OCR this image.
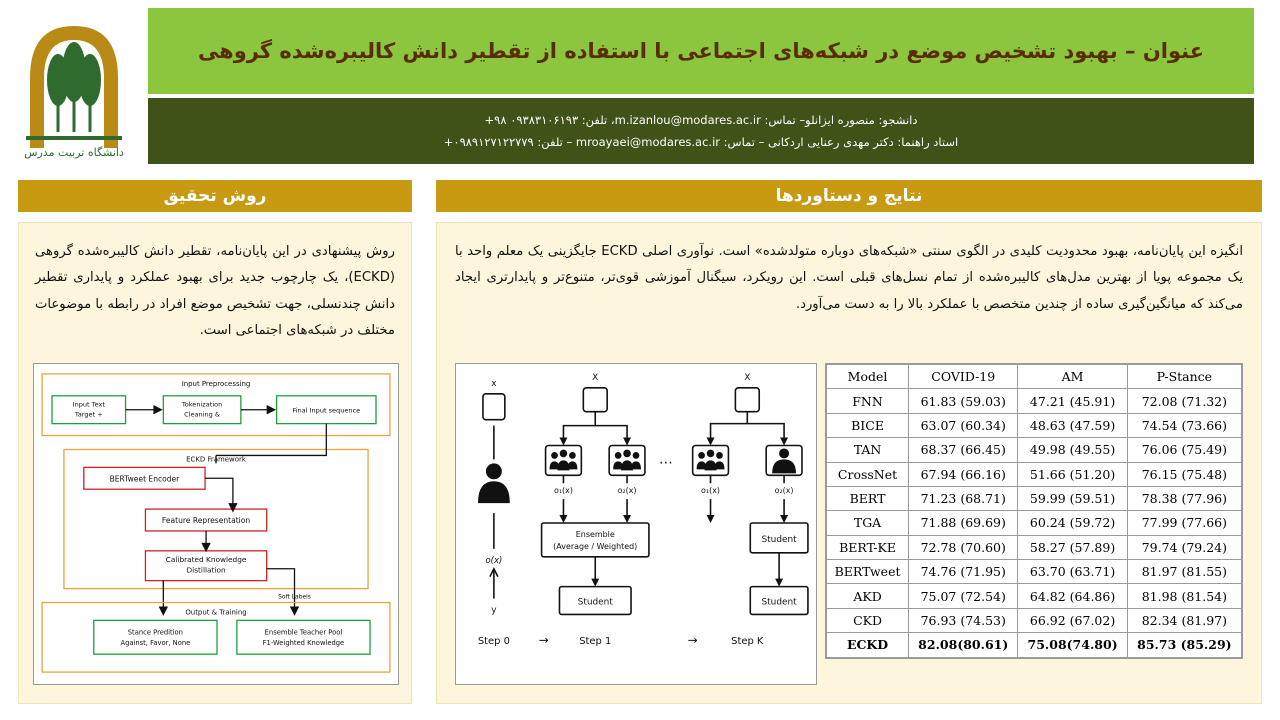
عنوان – بهبود تشخیص موضع در شبکه‌های اجتماعی با استفاده از تقطیر دانش کالیبره‌شده گروهی
دانشجو: منصوره ایزانلو– تماس: m.izanlou@modares.ac.ir، تلفن: ۰۹۳۸۳۱۰۶۱۹۳ ۹۸+
استاد راهنما: دکتر مهدی رعنایی اردکانی – تماس: mroayaei@modares.ac.ir – تلفن: ۰۹۸۹۱۲۷۱۲۲۷۷۹+
دانشگاه تربیت مدرس
نتایج و دستاوردها
روش تحقیق
انگیزه این پایان‌نامه، بهبود محدودیت کلیدی در الگوی سنتی «شبکه‌های دوباره متولدشده» است. نوآوری اصلی ECKD جایگزینی یک معلم واحد با یک مجموعه پویا از بهترین مدل‌های کالیبره‌شده از تمام نسل‌های قبلی است. این رویکرد، سیگنال آموزشی قوی‌تر، متنوع‌تر و پایدارتری ایجاد می‌کند که میانگین‌گیری ساده از چندین متخصص با عملکرد بالا را به دست می‌آورد.
Model	COVID-19	AM	P-Stance
FNN	61.83 (59.03)	47.21 (45.91)	72.08 (71.32)
BICE	63.07 (60.34)	48.63 (47.59)	74.54 (73.66)
TAN	68.37 (66.45)	49.98 (49.55)	76.06 (75.49)
CrossNet	67.94 (66.16)	51.66 (51.20)	76.15 (75.48)
BERT	71.23 (68.71)	59.99 (59.51)	78.38 (77.96)
TGA	71.88 (69.69)	60.24 (59.72)	77.99 (77.66)
BERT-KE	72.78 (70.60)	58.27 (57.89)	79.74 (79.24)
BERTweet	74.76 (71.95)	63.70 (63.71)	81.97 (81.55)
AKD	75.07 (72.54)	64.82 (64.86)	81.98 (81.54)
CKD	76.93 (74.53)	66.92 (67.02)	82.34 (81.97)
ECKD	82.08(80.61)	75.08(74.80)	85.73 (85.29)
x
o(x)
y
X
…
o₁(x)	o₂(x)
Ensemble
(Average / Weighted)
Student
X
o₁(x)	o₂(x)
Student
Student
Step 0 →	Step 1	→	Step K
روش پیشنهادی در این پایان‌نامه، تقطیر دانش کالیبره‌شده گروهی (ECKD)، یک چارچوب جدید برای بهبود عملکرد و پایداری تقطیر دانش چندنسلی، جهت تشخیص موضع افراد در رابطه با موضوعات مختلف در شبکه‌های اجتماعی است.
Input Preprocessing
Input Text
+ Target
Tokenization
& Cleaning	Final Input sequence
ECKD Framework
BERTweet Encoder
Feature Representation
Calibrated Knowledge
Distillation
Soft Labels
Output & Training
Stance Predition
Against, Favor, None
Ensemble Teacher Pool
F1-Weighted Knowledge
